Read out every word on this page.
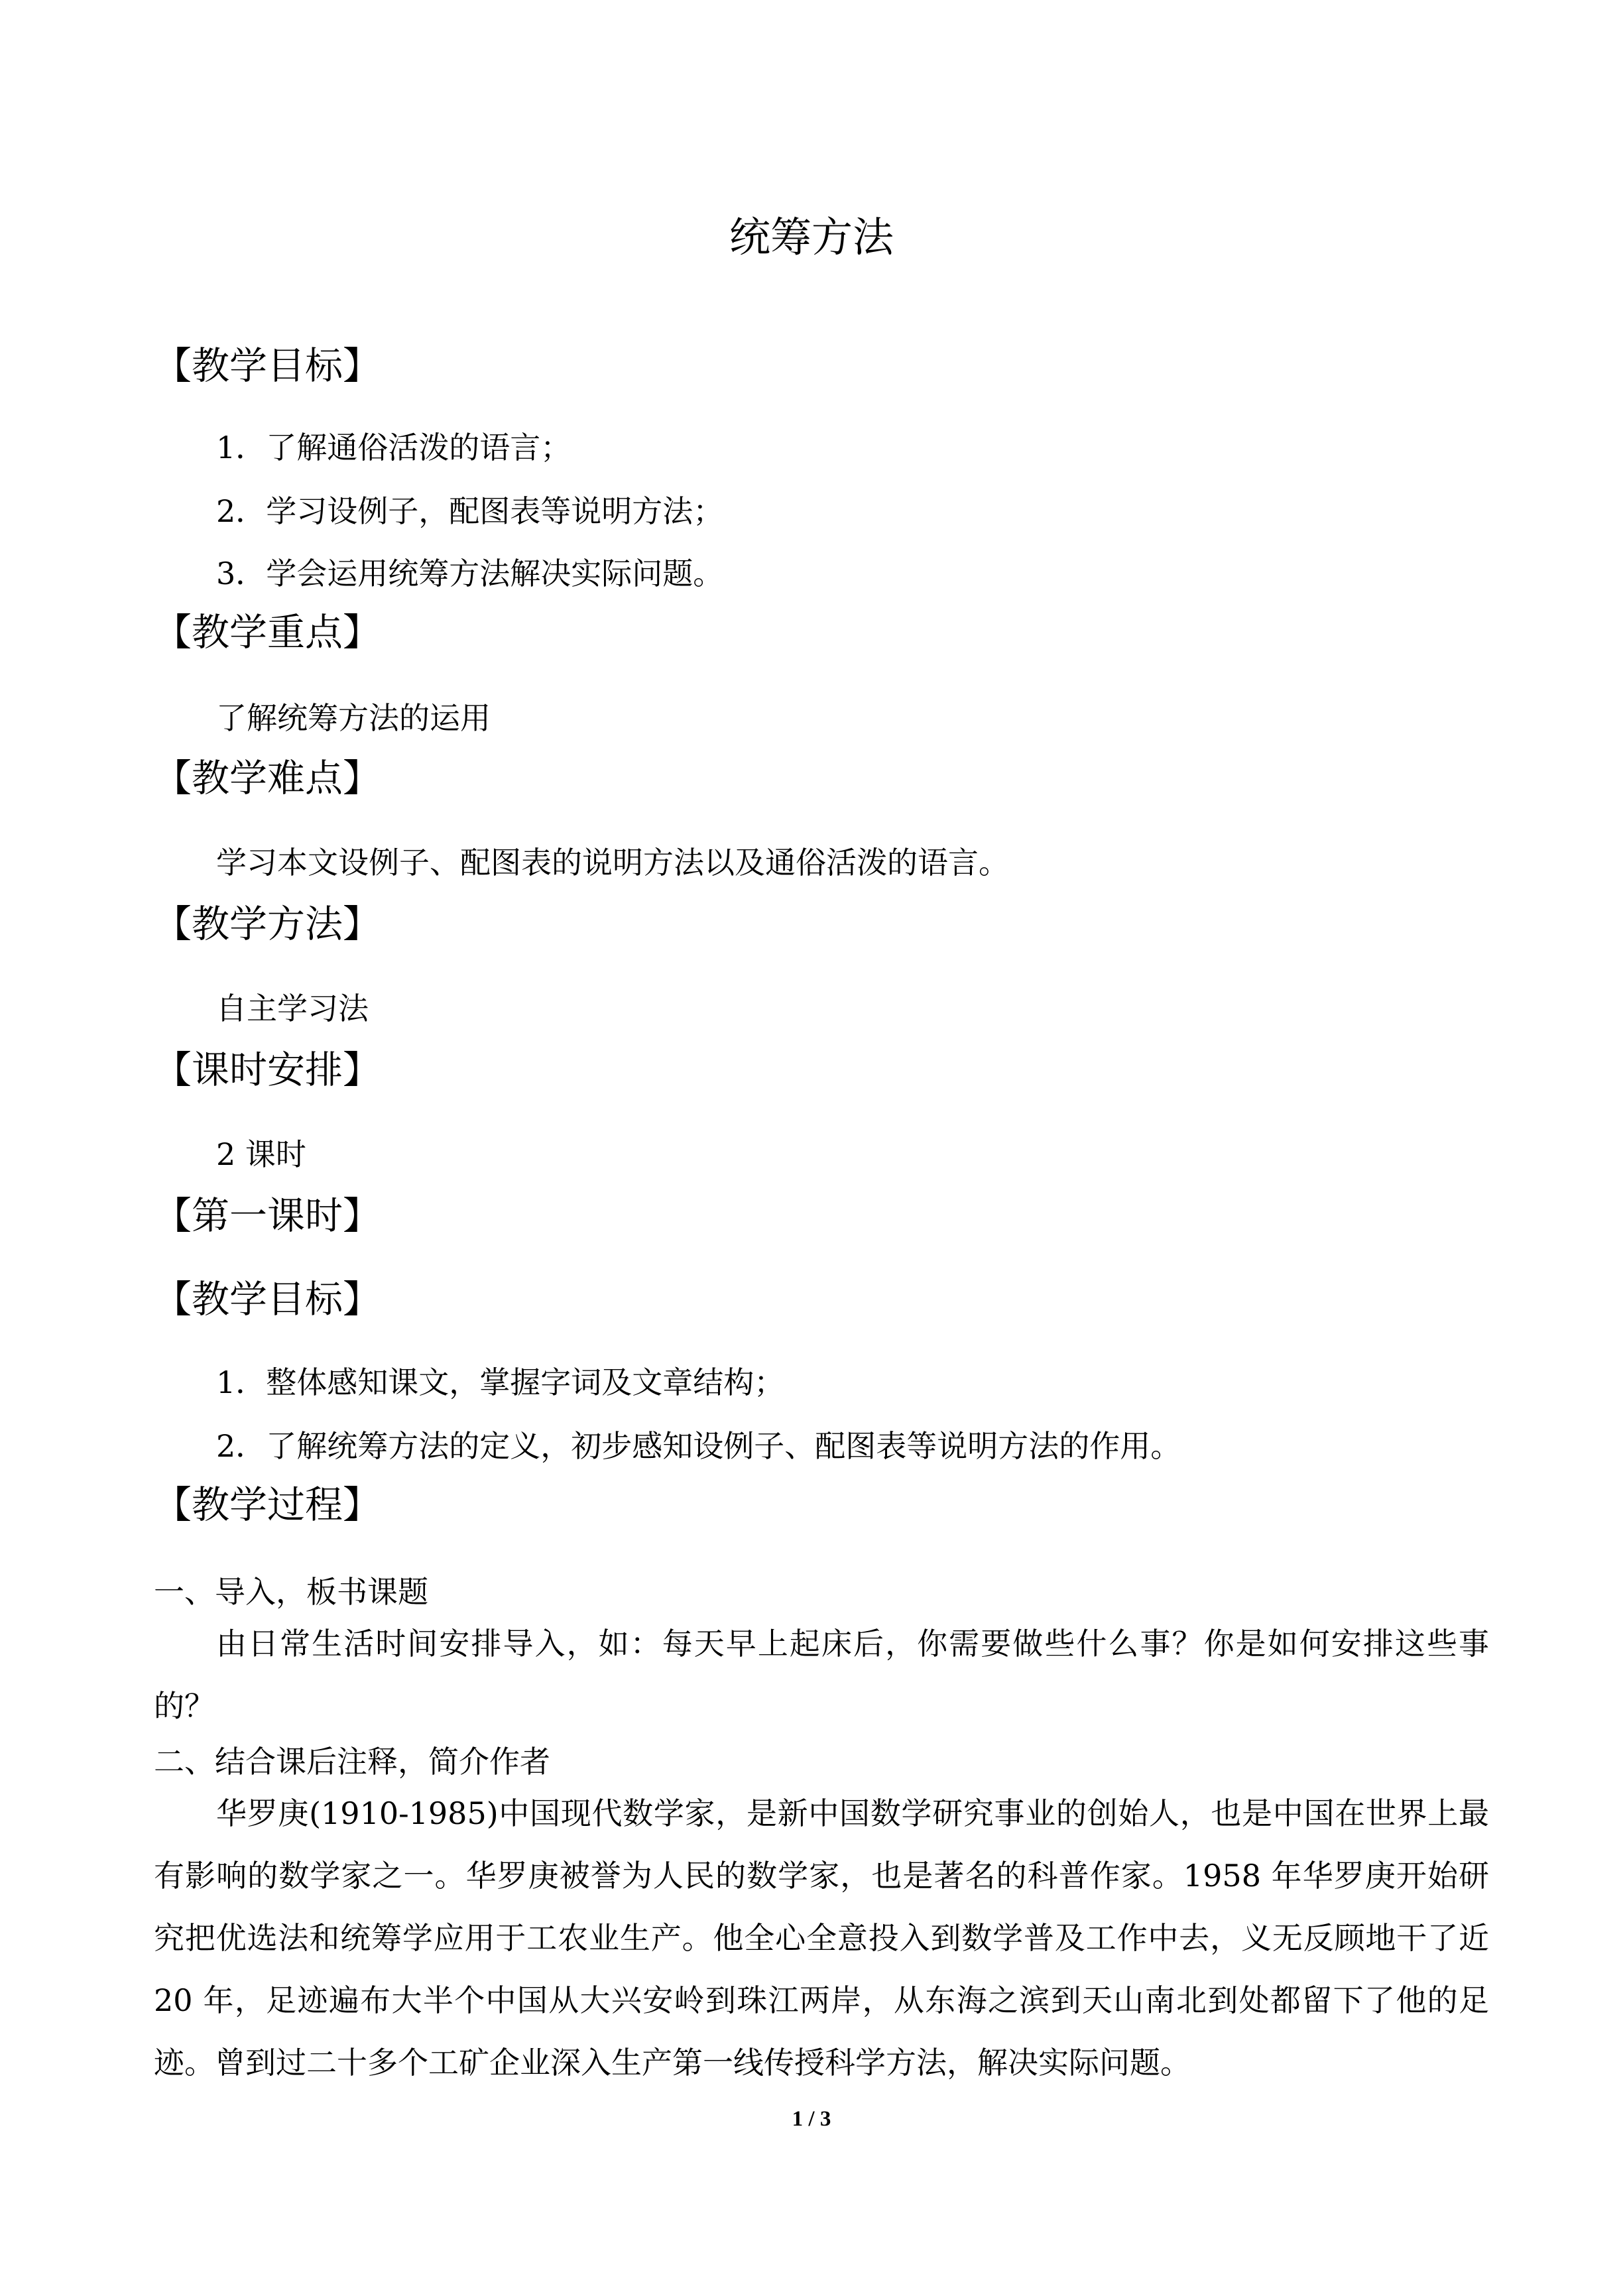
统筹方法
【教学目标】
1．了解通俗活泼的语言；
2．学习设例子，配图表等说明方法；
3．学会运用统筹方法解决实际问题。
【教学重点】
了解统筹方法的运用
【教学难点】
学习本文设例子、配图表的说明方法以及通俗活泼的语言。
【教学方法】
自主学习法
【课时安排】
2 课时
【第一课时】
【教学目标】
1．整体感知课文，掌握字词及文章结构；
2．了解统筹方法的定义，初步感知设例子、配图表等说明方法的作用。
【教学过程】
一、导入，板书课题
由日常生活时间安排导入，如：每天早上起床后，你需要做些什么事？你是如何安排这些事的？
二、结合课后注释，简介作者
华罗庚(1910-1985)中国现代数学家，是新中国数学研究事业的创始人，也是中国在世界上最有影响的数学家之一。华罗庚被誉为人民的数学家，也是著名的科普作家。1958 年华罗庚开始研究把优选法和统筹学应用于工农业生产。他全心全意投入到数学普及工作中去，义无反顾地干了近 20 年，足迹遍布大半个中国从大兴安岭到珠江两岸，从东海之滨到天山南北到处都留下了他的足迹。曾到过二十多个工矿企业深入生产第一线传授科学方法，解决实际问题。
1 / 3
